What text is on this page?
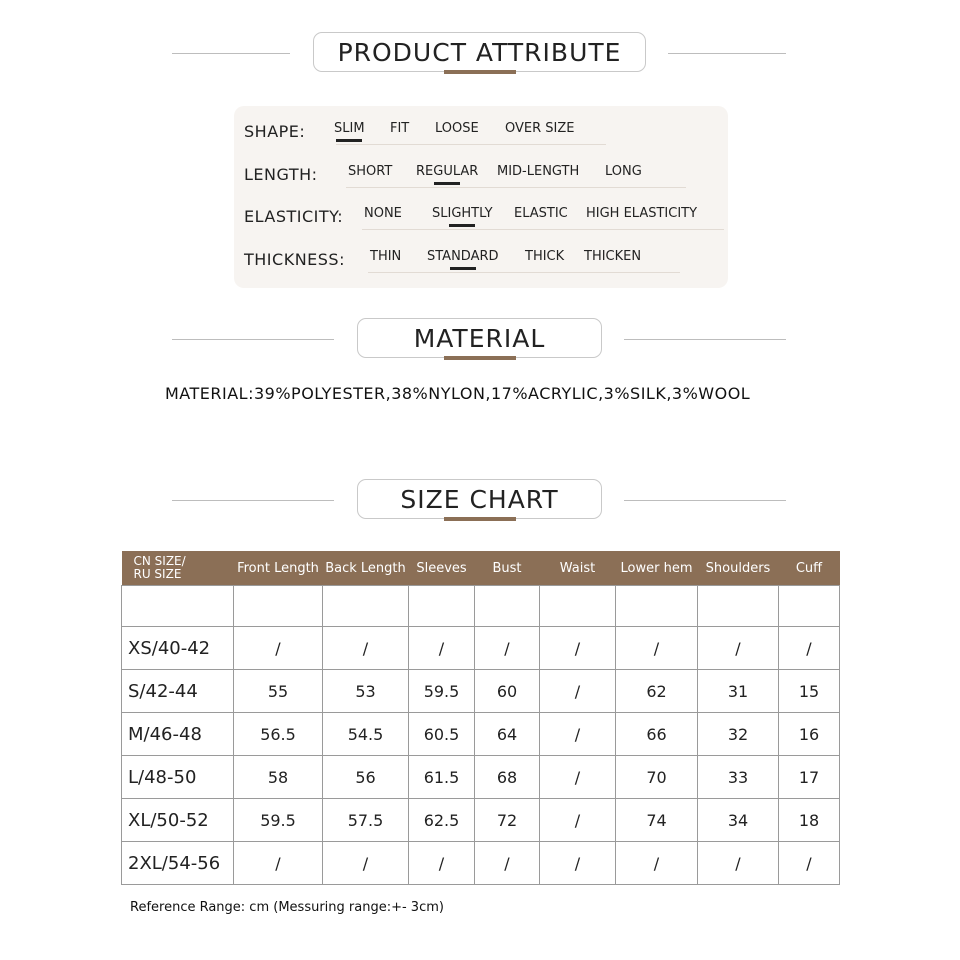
PRODUCT ATTRIBUTE
SHAPE: SLIM FIT LOOSE OVER SIZE
LENGTH: SHORT REGULAR MID-LENGTH LONG
ELASTICITY: NONE SLIGHTLY ELASTIC HIGH ELASTICITY
THICKNESS: THIN STANDARD THICK THICKEN
MATERIAL
MATERIAL:39%POLYESTER,38%NYLON,17%ACRYLIC,3%SILK,3%WOOL
SIZE CHART
CN SIZE/
RU SIZE	Front Length	Back Length	Sleeves	Bust	Waist	Lower hem	Shoulders	Cuff

XS/40-42	/	/	/	/	/	/	/	/
S/42-44	55	53	59.5	60	/	62	31	15
M/46-48	56.5	54.5	60.5	64	/	66	32	16
L/48-50	58	56	61.5	68	/	70	33	17
XL/50-52	59.5	57.5	62.5	72	/	74	34	18
2XL/54-56	/	/	/	/	/	/	/	/
Reference Range: cm (Messuring range:+- 3cm)
